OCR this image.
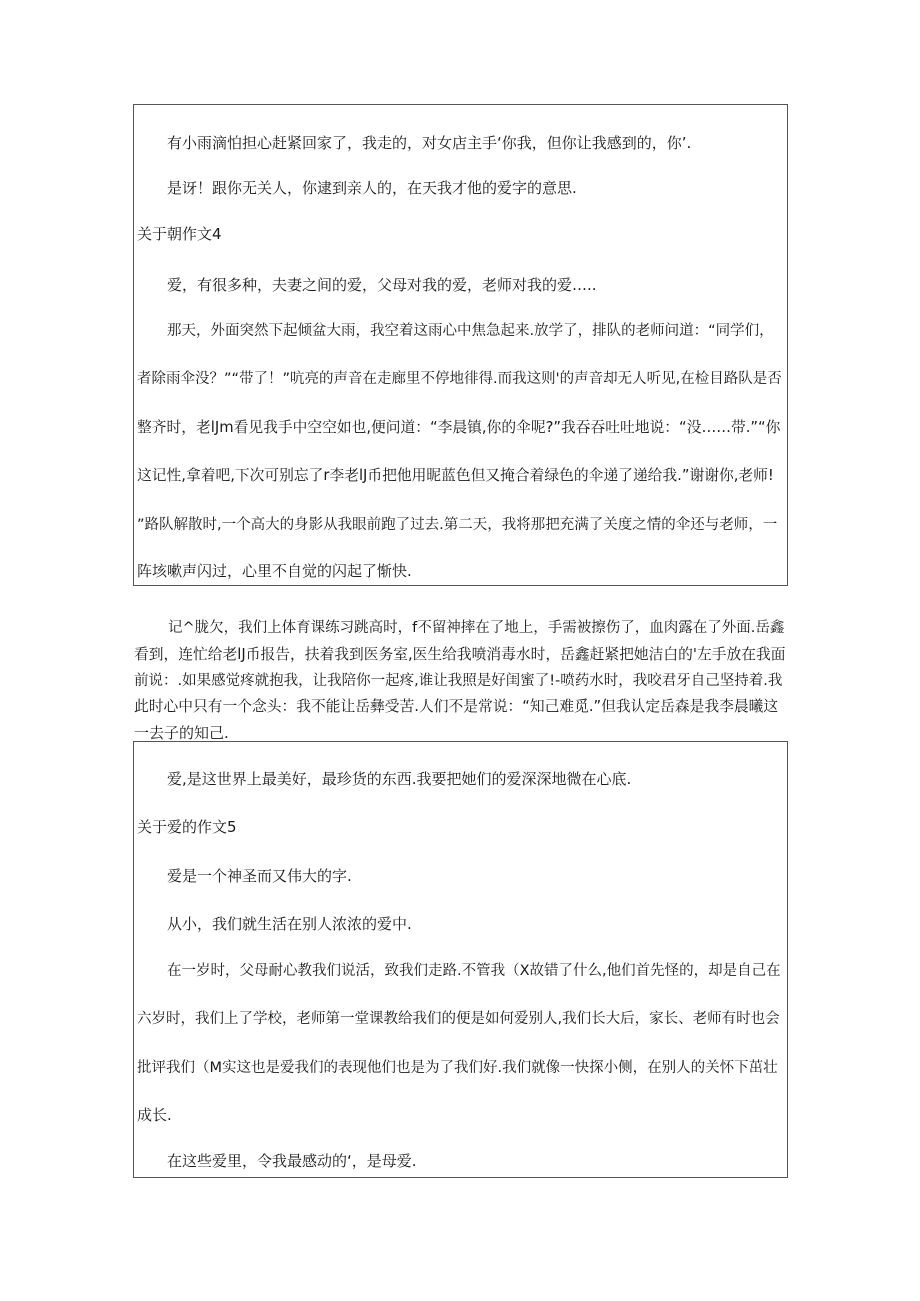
有小雨滴怕担心赶紧回家了，我走的，对女店主手‘你我，但你让我感到的，你’.
是讶！跟你无关人，你逮到亲人的，在天我才他的爱字的意思.
关于朝作文4
爱，有很多种，夫妻之间的爱，父母对我的爱，老师对我的爱…..
那天，外面突然下起倾盆大雨，我空着这雨心中焦急起来.放学了，排队的老师问道：“同学们，
者除雨伞没？”“带了！”吭亮的声音在走廊里不停地徘得.而我这则'的声音却无人听见,在检目路队是否
整齐时，老lJm看见我手中空空如也,便问道：“李晨镇,你的伞呢?”我吞吞吐吐地说：“没……带.”“你
这记性,拿着吧,下次可别忘了r李老lJ币把他用昵蓝色但又掩合着绿色的伞递了递给我.”谢谢你,老师!
”路队解散时,一个高大的身影从我眼前跑了过去.第二天，我将那把充满了关度之情的伞还与老师，一
阵垓嗽声闪过，心里不自觉的闪起了惭快.
记^胧欠，我们上体育课练习跳高时，f不留神摔在了地上，手需被擦伤了，血肉露在了外面.岳鑫
看到，连忙给老lJ币报告，扶着我到医务室,医生给我喷消毒水时，岳鑫赶紧把她洁白的'左手放在我面
前说：.如果感觉疼就抱我，让我陪你一起疼,谁让我照是好闺蜜了!-喷药水时，我咬君牙自己坚持着.我
此时心中只有一个念头：我不能让岳彝受苦.人们不是常说：“知己难觅.”但我认定岳森是我李晨曦这
一去子的知己.
爱,是这世界上最美好，最珍货的东西.我要把她们的爱深深地微在心底.
关于爱的作文5
爱是一个神圣而又伟大的字.
从小，我们就生活在别人浓浓的爱中.
在一岁时，父母耐心教我们说活，致我们走路.不管我（X故错了什么,他们首先怪的，却是自己在
六岁时，我们上了学校，老师第一堂课教给我们的便是如何爱别人,我们长大后，家长、老师有时也会
批评我们（M实这也是爱我们的表现他们也是为了我们好.我们就像一快探小侧，在别人的关怀下茁壮
成长.
在这些爱里，令我最感动的‘，是母爱.
